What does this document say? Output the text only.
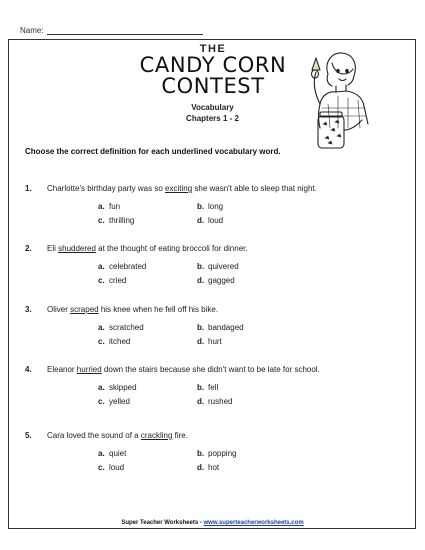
Name:
THE
CANDY CORN
CONTEST
Vocabulary
Chapters 1 - 2
Choose the correct definition for each underlined vocabulary word.
1. Charlotte's birthday party was so exciting she wasn't able to sleep that night.
a. fun	b. long
c. thrilling	d. loud
2. Eli shuddered at the thought of eating broccoli for dinner.
a. celebrated	b. quivered
c. cried	d. gagged
3. Oliver scraped his knee when he fell off his bike.
a. scratched	b. bandaged
c. itched	d. hurt
4. Eleanor hurried down the stairs because she didn't want to be late for school.
a. skipped	b. fell
c. yelled	d. rushed
5. Cara loved the sound of a crackling fire.
a. quiet	b. popping
c. loud	d. hot
Super Teacher Worksheets - www.superteacherworksheets.com
